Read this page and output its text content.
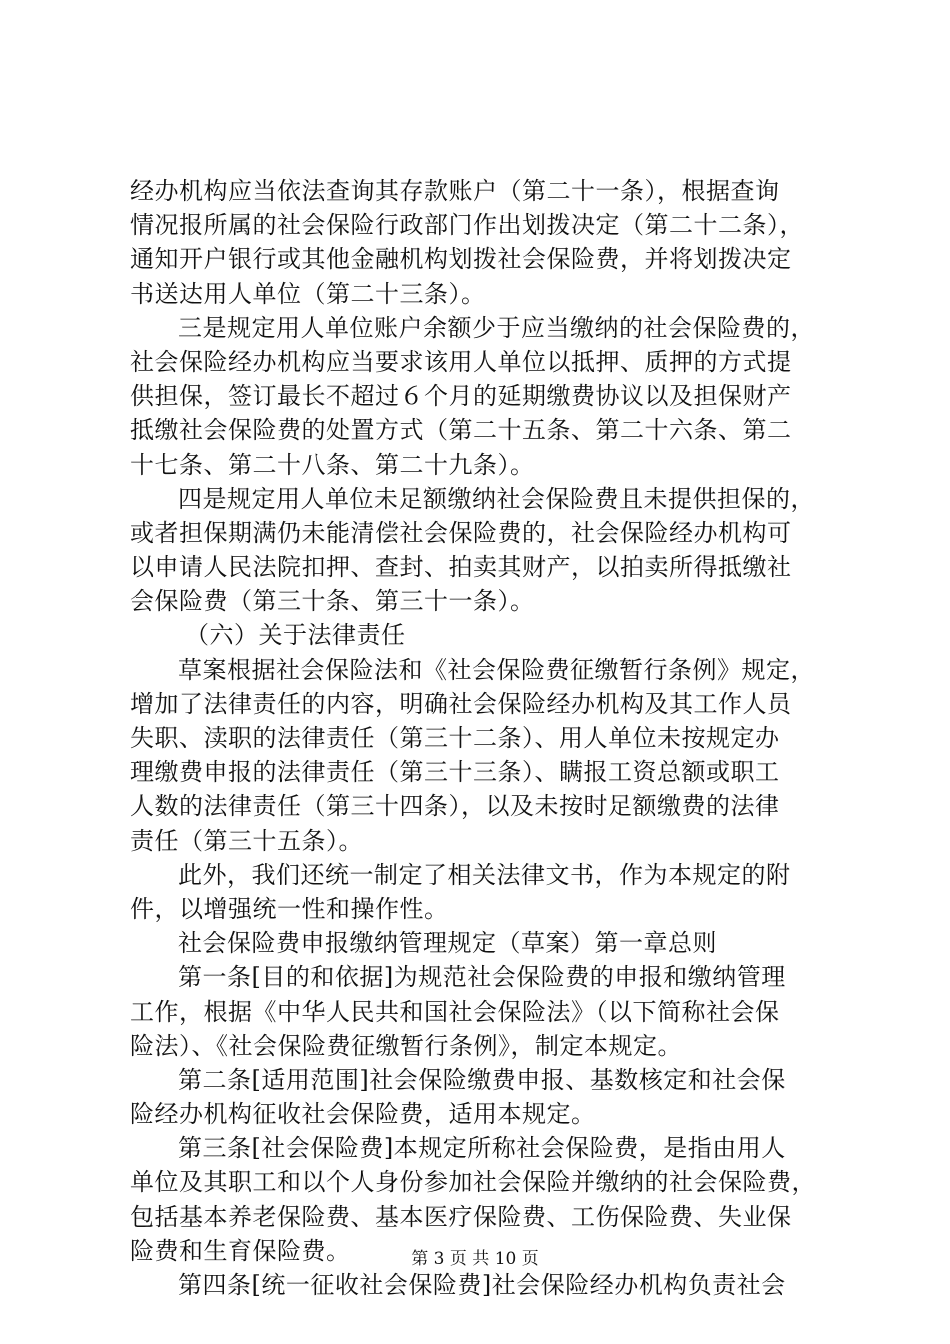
经办机构应当依法查询其存款账户（第二十一条），根据查询
情况报所属的社会保险行政部门作出划拨决定（第二十二条），
通知开户银行或其他金融机构划拨社会保险费，并将划拨决定
书送达用人单位（第二十三条）。
三是规定用人单位账户余额少于应当缴纳的社会保险费的，
社会保险经办机构应当要求该用人单位以抵押、质押的方式提
供担保，签订最长不超过６个月的延期缴费协议以及担保财产
抵缴社会保险费的处置方式（第二十五条、第二十六条、第二
十七条、第二十八条、第二十九条）。
四是规定用人单位未足额缴纳社会保险费且未提供担保的，
或者担保期满仍未能清偿社会保险费的，社会保险经办机构可
以申请人民法院扣押、查封、拍卖其财产，以拍卖所得抵缴社
会保险费（第三十条、第三十一条）。
（六）关于法律责任
草案根据社会保险法和《社会保险费征缴暂行条例》规定，
增加了法律责任的内容，明确社会保险经办机构及其工作人员
失职、渎职的法律责任（第三十二条）、用人单位未按规定办
理缴费申报的法律责任（第三十三条）、瞒报工资总额或职工
人数的法律责任（第三十四条），以及未按时足额缴费的法律
责任（第三十五条）。
此外，我们还统一制定了相关法律文书，作为本规定的附
件，以增强统一性和操作性。
社会保险费申报缴纳管理规定（草案）第一章总则
第一条[目的和依据]为规范社会保险费的申报和缴纳管理
工作，根据《中华人民共和国社会保险法》（以下简称社会保
险法）、《社会保险费征缴暂行条例》，制定本规定。
第二条[适用范围]社会保险缴费申报、基数核定和社会保
险经办机构征收社会保险费，适用本规定。
第三条[社会保险费]本规定所称社会保险费，是指由用人
单位及其职工和以个人身份参加社会保险并缴纳的社会保险费，
包括基本养老保险费、基本医疗保险费、工伤保险费、失业保
险费和生育保险费。
第四条[统一征收社会保险费]社会保险经办机构负责社会
第 3 页 共 10 页
